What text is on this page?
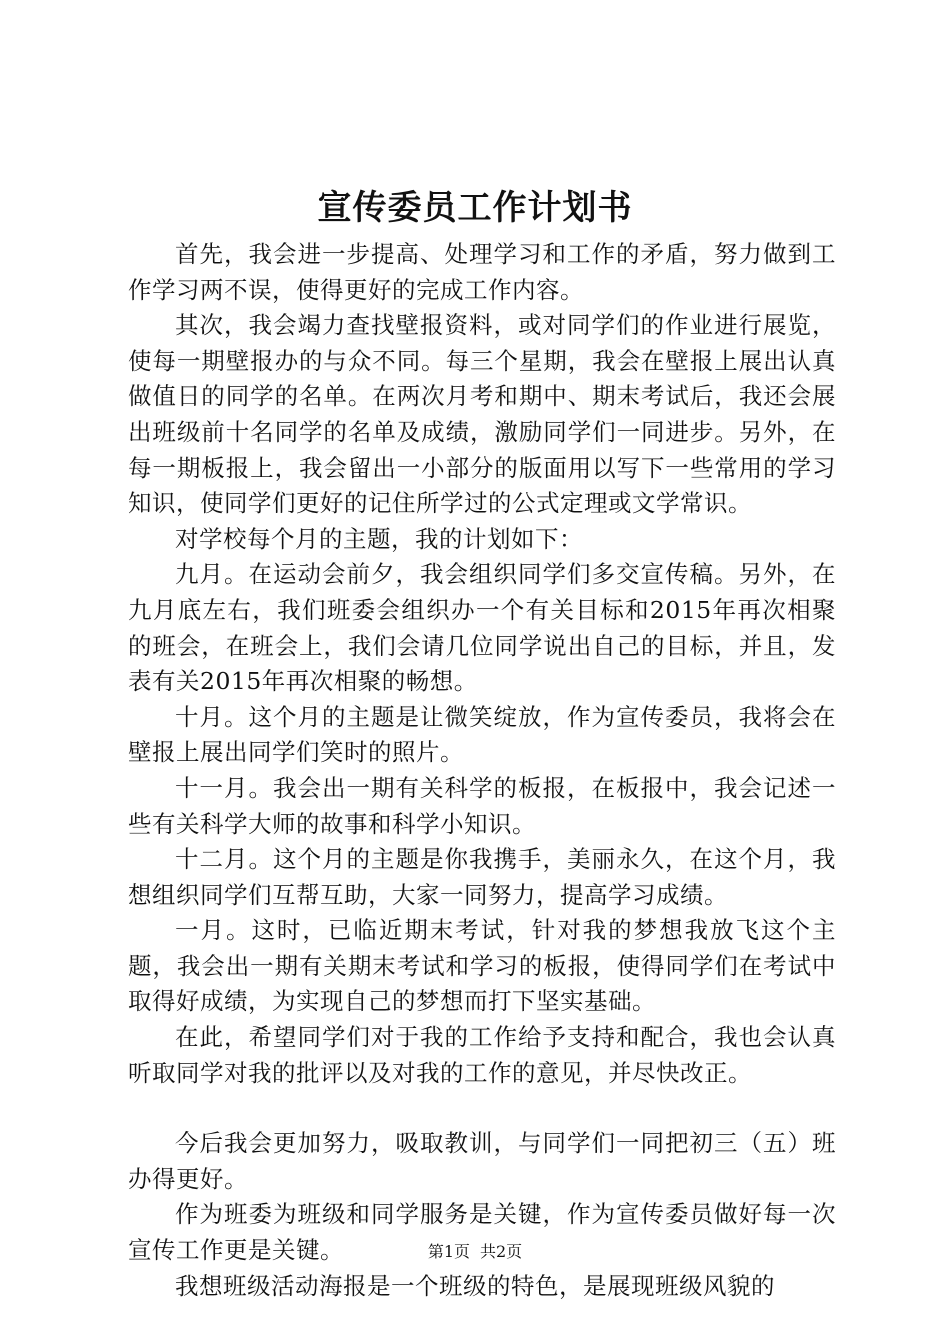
宣传委员工作计划书

首先，我会进一步提高、处理学习和工作的矛盾，努力做到工作学习两不误，使得更好的完成工作内容。

其次，我会竭力查找壁报资料，或对同学们的作业进行展览，使每一期壁报办的与众不同。每三个星期，我会在壁报上展出认真做值日的同学的名单。在两次月考和期中、期末考试后，我还会展出班级前十名同学的名单及成绩，激励同学们一同进步。另外，在每一期板报上，我会留出一小部分的版面用以写下一些常用的学习知识，使同学们更好的记住所学过的公式定理或文学常识。

对学校每个月的主题，我的计划如下：

九月。在运动会前夕，我会组织同学们多交宣传稿。另外，在九月底左右，我们班委会组织办一个有关目标和2015年再次相聚的班会，在班会上，我们会请几位同学说出自己的目标，并且，发表有关2015年再次相聚的畅想。

十月。这个月的主题是让微笑绽放，作为宣传委员，我将会在壁报上展出同学们笑时的照片。

十一月。我会出一期有关科学的板报，在板报中，我会记述一些有关科学大师的故事和科学小知识。

十二月。这个月的主题是你我携手，美丽永久，在这个月，我想组织同学们互帮互助，大家一同努力，提高学习成绩。

一月。这时，已临近期末考试，针对我的梦想我放飞这个主题，我会出一期有关期末考试和学习的板报，使得同学们在考试中取得好成绩，为实现自己的梦想而打下坚实基础。

在此，希望同学们对于我的工作给予支持和配合，我也会认真听取同学对我的批评以及对我的工作的意见，并尽快改正。

今后我会更加努力，吸取教训，与同学们一同把初三（五）班办得更好。

作为班委为班级和同学服务是关键，作为宣传委员做好每一次宣传工作更是关键。

我想班级活动海报是一个班级的特色，是展现班级风貌的

第1页 共2页
